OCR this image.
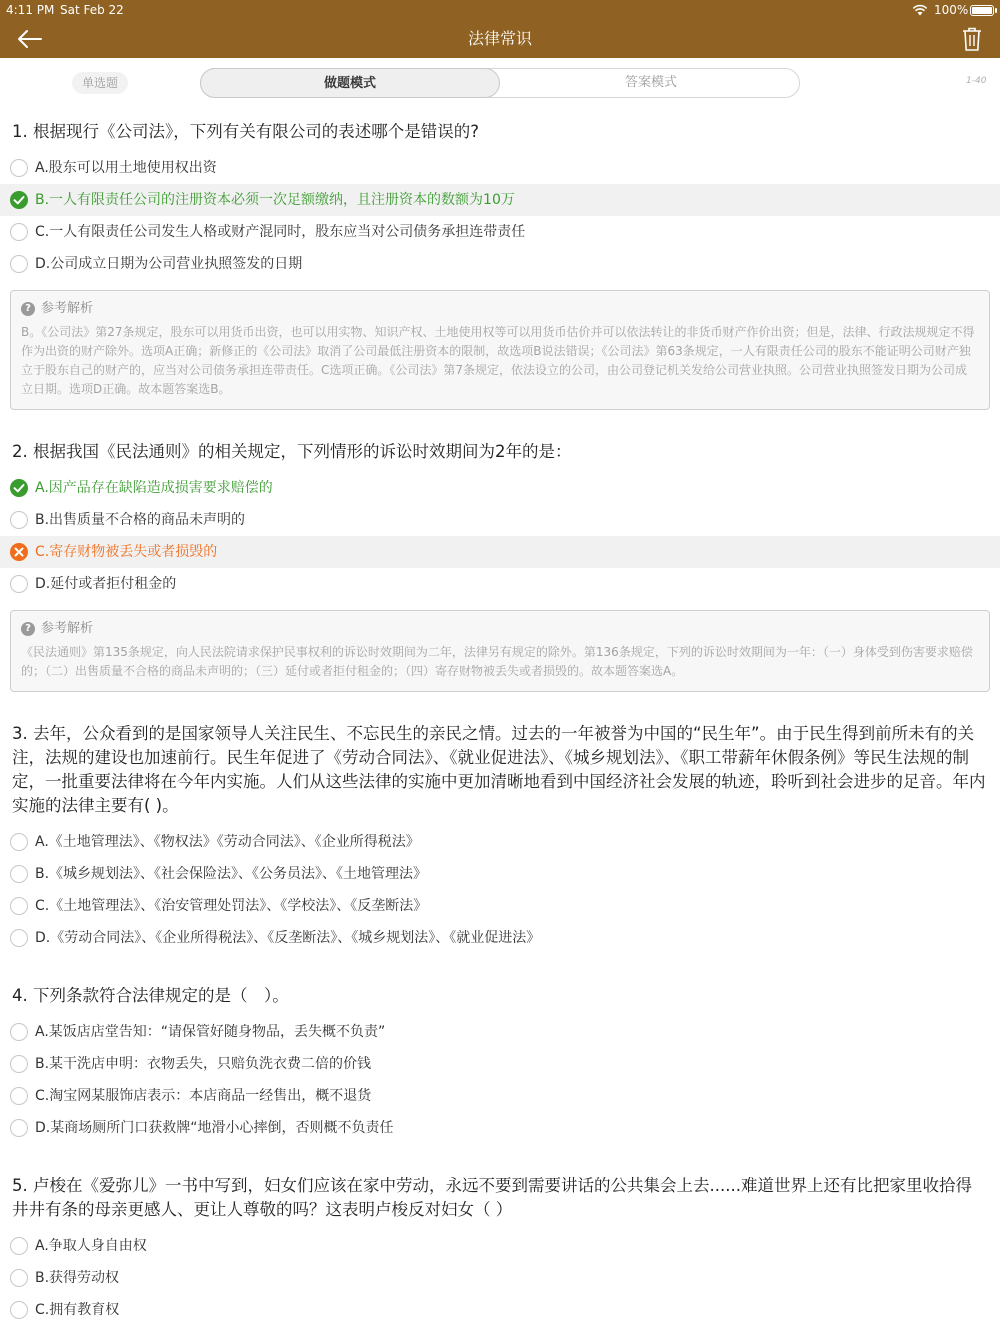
4:11 PM Sat Feb 22	100%
法律常识
单选题	做题模式	答案模式	1-40
1. 根据现行《公司法》，下列有关有限公司的表述哪个是错误的?
A.股东可以用土地使用权出资
B.一人有限责任公司的注册资本必须一次足额缴纳，且注册资本的数额为10万
C.一人有限责任公司发生人格或财产混同时，股东应当对公司债务承担连带责任
D.公司成立日期为公司营业执照签发的日期
? 参考解析
B。《公司法》第27条规定，股东可以用货币出资，也可以用实物、知识产权、土地使用权等可以用货币估价并可以依法转让的非货币财产作价出资；但是，法律、行政法规规定不得作为出资的财产除外。选项A正确；新修正的《公司法》取消了公司最低注册资本的限制，故选项B说法错误；《公司法》第63条规定，一人有限责任公司的股东不能证明公司财产独立于股东自己的财产的，应当对公司债务承担连带责任。C选项正确。《公司法》第7条规定，依法设立的公司，由公司登记机关发给公司营业执照。公司营业执照签发日期为公司成立日期。选项D正确。故本题答案选B。
2. 根据我国《民法通则》的相关规定，下列情形的诉讼时效期间为2年的是：
A.因产品存在缺陷造成损害要求赔偿的
B.出售质量不合格的商品未声明的
C.寄存财物被丢失或者损毁的
D.延付或者拒付租金的
? 参考解析
《民法通则》第135条规定，向人民法院请求保护民事权利的诉讼时效期间为二年，法律另有规定的除外。第136条规定，下列的诉讼时效期间为一年：（一）身体受到伤害要求赔偿的；（二）出售质量不合格的商品未声明的；（三）延付或者拒付租金的；（四）寄存财物被丢失或者损毁的。故本题答案选A。
3. 去年，公众看到的是国家领导人关注民生、不忘民生的亲民之情。过去的一年被誉为中国的“民生年”。由于民生得到前所未有的关注，法规的建设也加速前行。民生年促进了《劳动合同法》、《就业促进法》、《城乡规划法》、《职工带薪年休假条例》等民生法规的制定，一批重要法律将在今年内实施。人们从这些法律的实施中更加清晰地看到中国经济社会发展的轨迹，聆听到社会进步的足音。年内实施的法律主要有( )。
A.《土地管理法》、《物权法》《劳动合同法》、《企业所得税法》
B.《城乡规划法》、《社会保险法》、《公务员法》、《土地管理法》
C.《土地管理法》、《治安管理处罚法》、《学校法》、《反垄断法》
D.《劳动合同法》、《企业所得税法》、《反垄断法》、《城乡规划法》、《就业促进法》
4. 下列条款符合法律规定的是（　）。
A.某饭店店堂告知：“请保管好随身物品，丢失概不负责”
B.某干洗店申明：衣物丢失，只赔负洗衣费二倍的价钱
C.淘宝网某服饰店表示：本店商品一经售出，概不退货
D.某商场厕所门口获救牌“地滑小心摔倒，否则概不负责任
5. 卢梭在《爱弥儿》一书中写到，妇女们应该在家中劳动，永远不要到需要讲话的公共集会上去......难道世界上还有比把家里收拾得井井有条的母亲更感人、更让人尊敬的吗？这表明卢梭反对妇女（ ）
A.争取人身自由权
B.获得劳动权
C.拥有教育权
